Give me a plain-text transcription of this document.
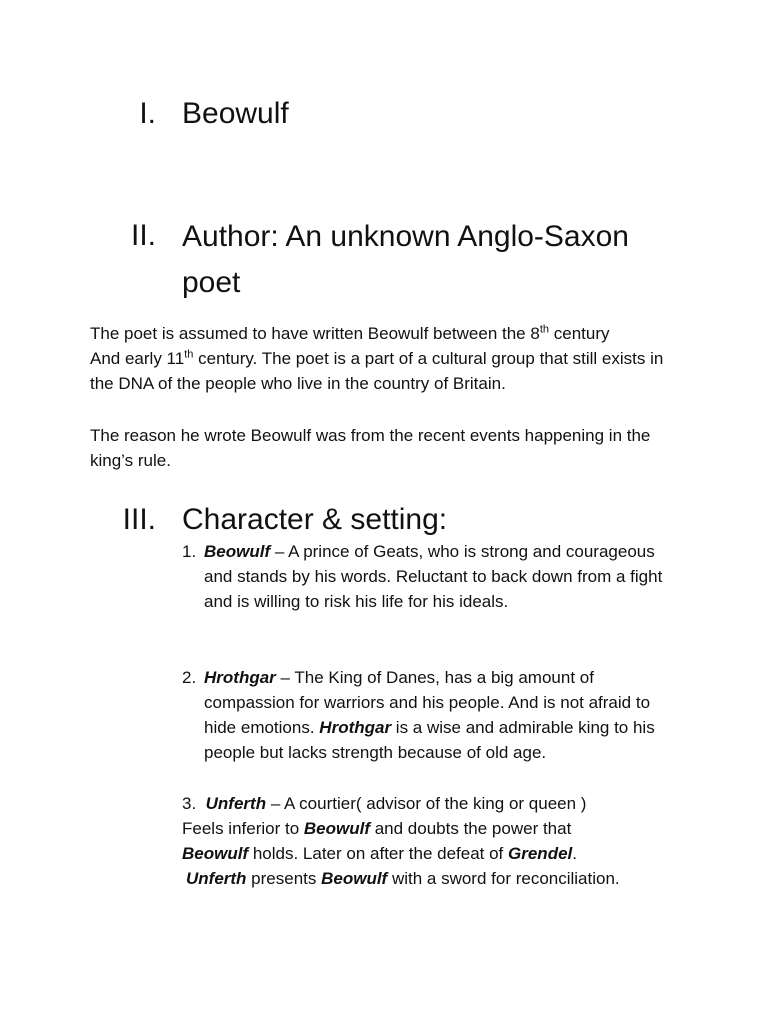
I. Beowulf
II. Author: An unknown Anglo-Saxon poet

The poet is assumed to have written Beowulf between the 8th century
And early 11th century. The poet is a part of a cultural group that still exists in the DNA of the people who live in the country of Britain.

The reason he wrote Beowulf was from the recent events happening in the king’s rule.

III. Character & setting:
1. Beowulf – A prince of Geats, who is strong and courageous and stands by his words. Reluctant to back down from a fight and is willing to risk his life for his ideals.
2. Hrothgar – The King of Danes, has a big amount of compassion for warriors and his people. And is not afraid to hide emotions. Hrothgar is a wise and admirable king to his people but lacks strength because of old age.
3. Unferth – A courtier( advisor of the king or queen )
Feels inferior to Beowulf and doubts the power that
Beowulf holds. Later on after the defeat of Grendel.
Unferth presents Beowulf with a sword for reconciliation.
